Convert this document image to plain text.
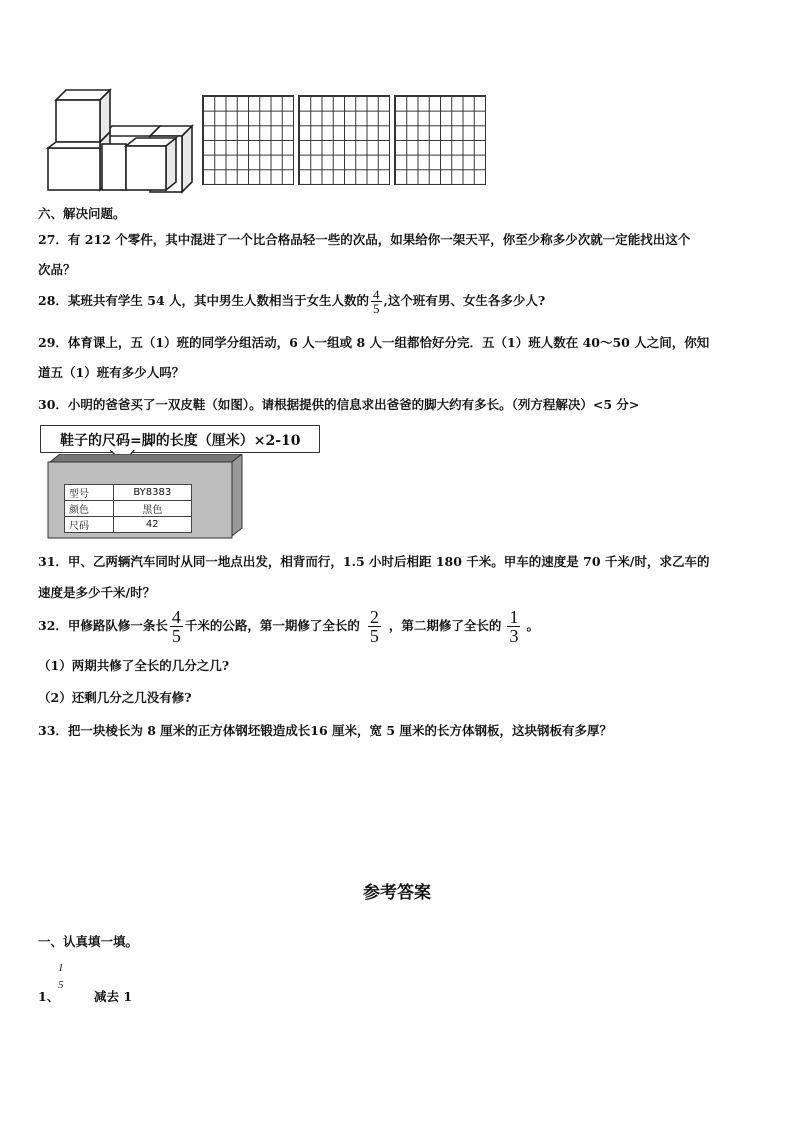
六、解决问题。
27．有 212 个零件，其中混进了一个比合格品轻一些的次品，如果给你一架天平，你至少称多少次就一定能找出这个
次品？
28．某班共有学生 54 人，其中男生人数相当于女生人数的 $\frac{4}{5}$ ,这个班有男、女生各多少人?
29．体育课上，五（1）班的同学分组活动，6 人一组或 8 人一组都恰好分完．五（1）班人数在 40～50 人之间，你知
道五（1）班有多少人吗？
30．小明的爸爸买了一双皮鞋（如图）。请根据提供的信息求出爸爸的脚大约有多长。（列方程解决）<5 分>
鞋子的尺码=脚的长度（厘米）×2-10
型号	BY8383
颜色	黑色
尺码	42
31．甲、乙两辆汽车同时从同一地点出发，相背而行，1.5 小时后相距 180 千米。甲车的速度是 70 千米/时，求乙车的
速度是多少千米/时？
32．甲修路队修一条长 $\frac{4}{5}$ 千米的公路，第一期修了全长的 $\frac{2}{5}$ ，第二期修了全长的 $\frac{1}{3}$ 。
（1）两期共修了全长的几分之几?
（2）还剩几分之几没有修?
33．把一块棱长为 8 厘米的正方体钢坯锻造成长16 厘米，宽 5 厘米的长方体钢板，这块钢板有多厚？
参考答案
一、认真填一填。
1
5
1、	减去 1
